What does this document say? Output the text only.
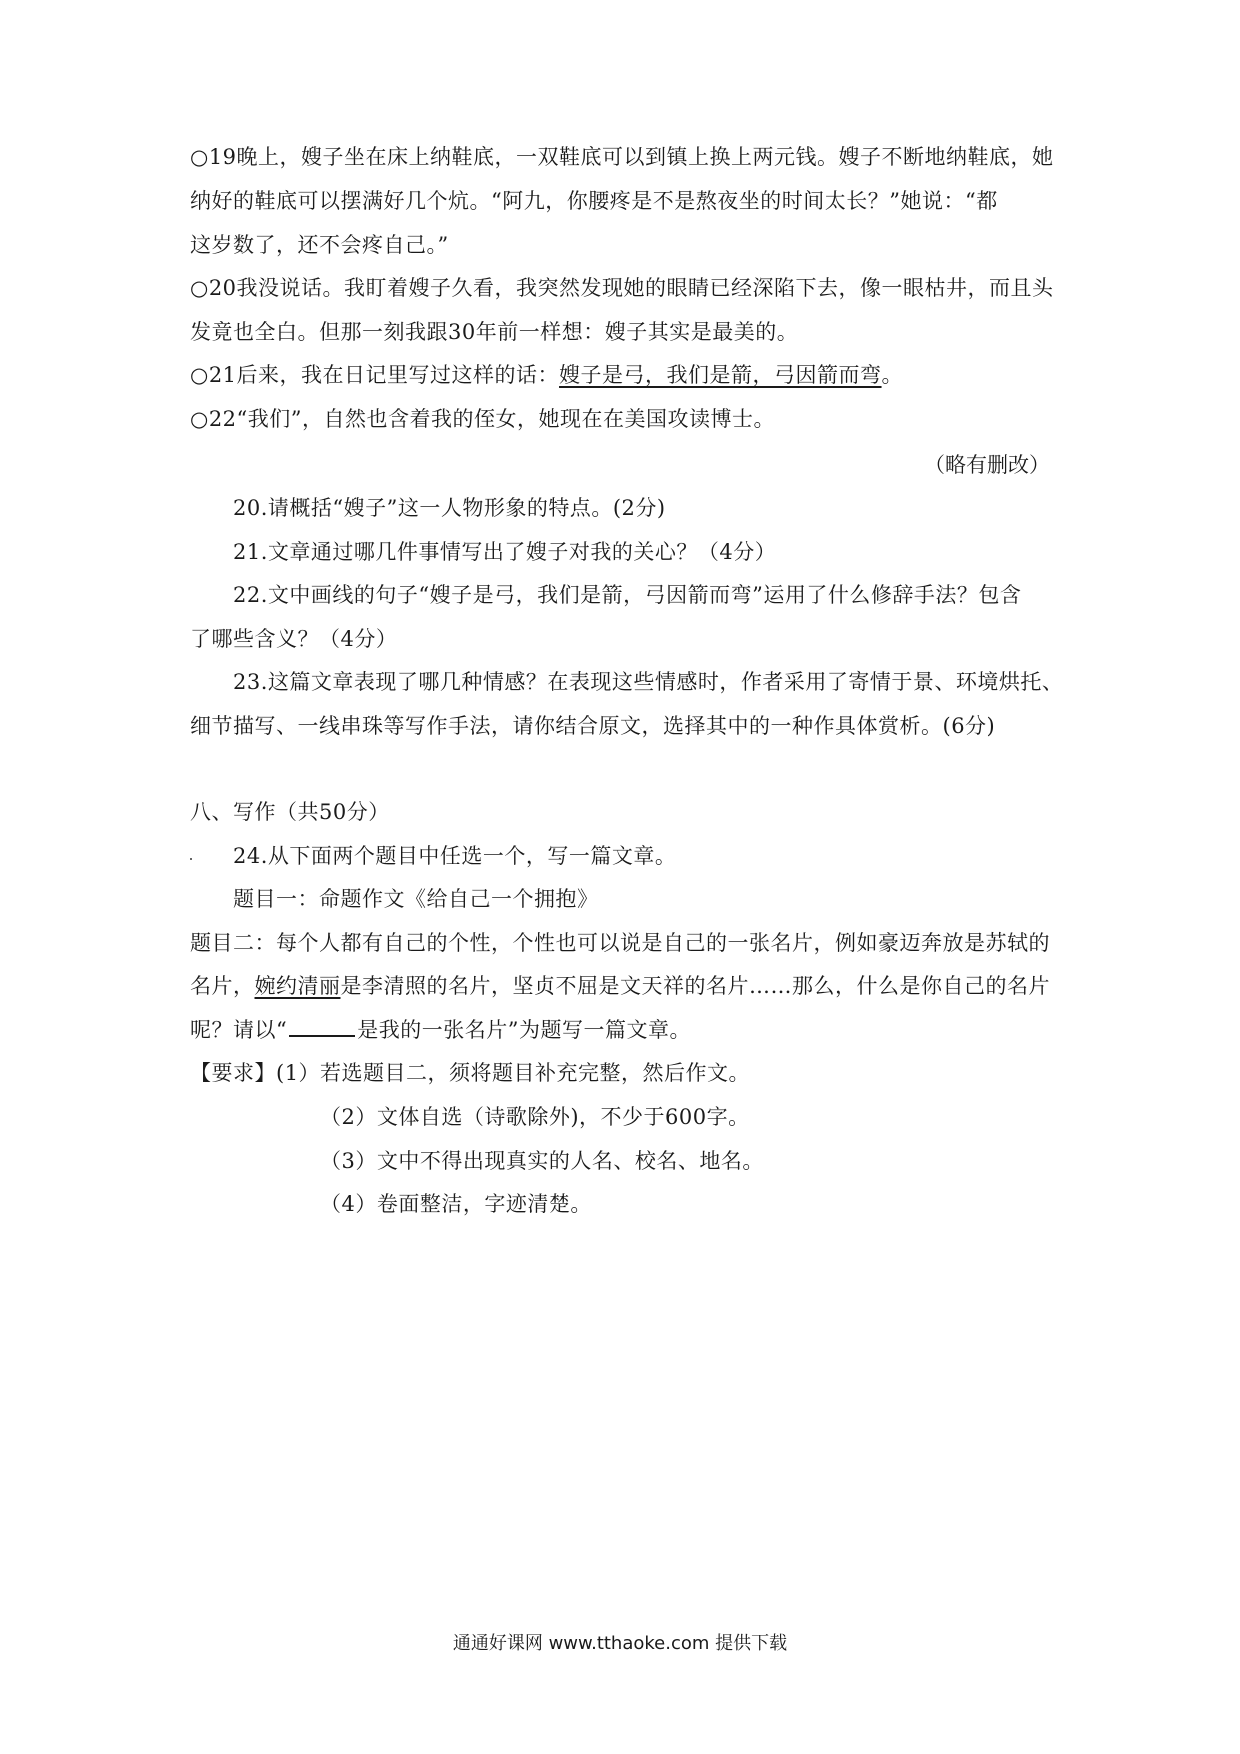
○19晚上，嫂子坐在床上纳鞋底，一双鞋底可以到镇上换上两元钱。嫂子不断地纳鞋底，她
纳好的鞋底可以摆满好几个炕。“阿九，你腰疼是不是熬夜坐的时间太长？”她说：“都
这岁数了，还不会疼自己。”
○20我没说话。我盯着嫂子久看，我突然发现她的眼睛已经深陷下去，像一眼枯井，而且头
发竟也全白。但那一刻我跟30年前一样想：嫂子其实是最美的。
○21后来，我在日记里写过这样的话：嫂子是弓，我们是箭，弓因箭而弯。
○22“我们”，自然也含着我的侄女，她现在在美国攻读博士。
（略有删改）
20.请概括“嫂子”这一人物形象的特点。(2分)
21.文章通过哪几件事情写出了嫂子对我的关心？（4分）
22.文中画线的句子“嫂子是弓，我们是箭，弓因箭而弯”运用了什么修辞手法？包含
了哪些含义？（4分）
23.这篇文章表现了哪几种情感？在表现这些情感时，作者采用了寄情于景、环境烘托、
细节描写、一线串珠等写作手法，请你结合原文，选择其中的一种作具体赏析。(6分)
八、写作（共50分）
24.从下面两个题目中任选一个，写一篇文章。
题目一：命题作文《给自己一个拥抱》
题目二：每个人都有自己的个性，个性也可以说是自己的一张名片，例如豪迈奔放是苏轼的
名片，婉约清丽是李清照的名片，坚贞不屈是文天祥的名片……那么，什么是你自己的名片
呢？请以“	是我的一张名片”为题写一篇文章。
【要求】(1）若选题目二，须将题目补充完整，然后作文。
（2）文体自选（诗歌除外)，不少于600字。
（3）文中不得出现真实的人名、校名、地名。
（4）卷面整洁，字迹清楚。
通通好课网 www.tthaoke.com 提供下载
